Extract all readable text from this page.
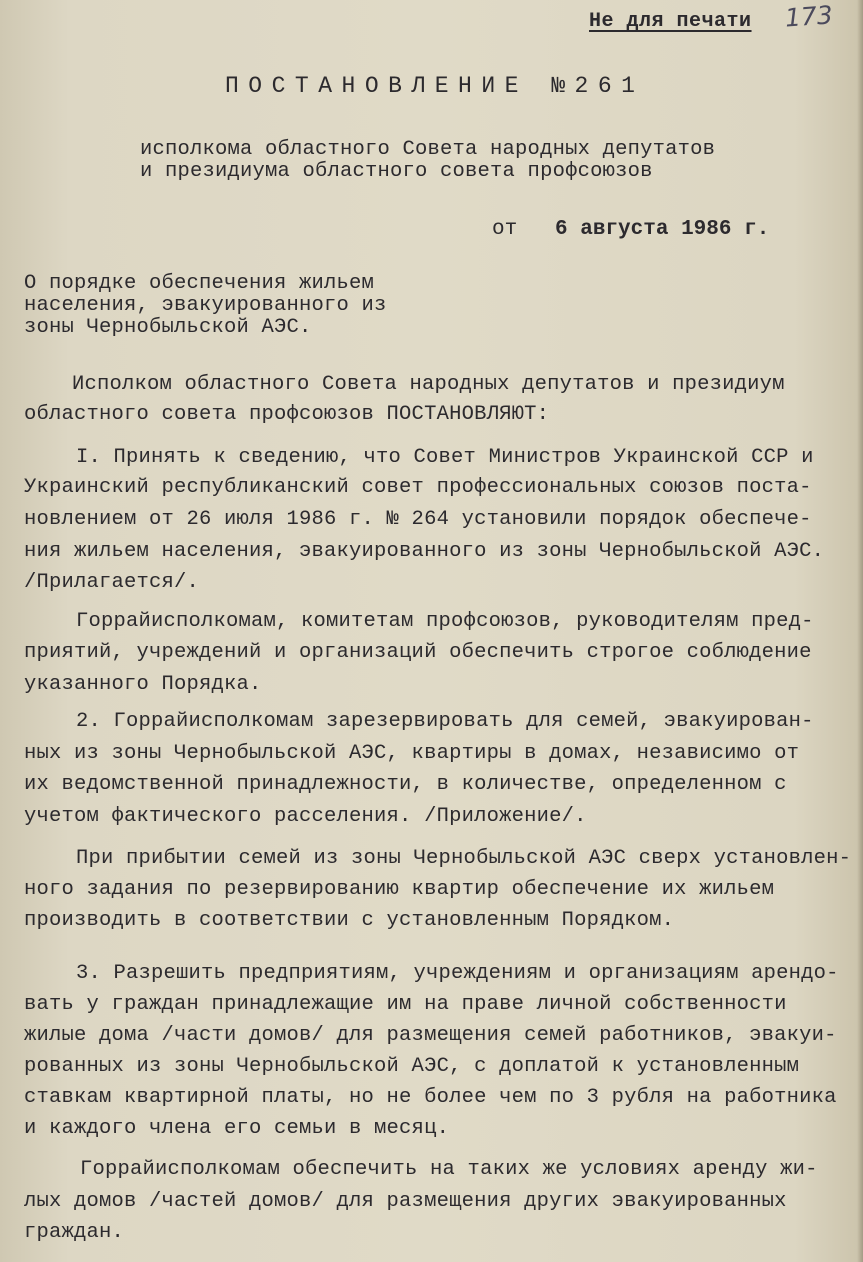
Не для печати 173
ПОСТАНОВЛЕНИЕ №261
исполкома областного Совета народных депутатов
и президиума областного совета профсоюзов
от 6 августа 1986 г.
О порядке обеспечения жильем
населения, эвакуированного из
зоны Чернобыльской АЭС.
Исполком областного Совета народных депутатов и президиум
областного совета профсоюзов ПОСТАНОВЛЯЮТ:
I. Принять к сведению, что Совет Министров Украинской ССР и
Украинский республиканский совет профессиональных союзов поста-
новлением от 26 июля 1986 г. № 264 установили порядок обеспече-
ния жильем населения, эвакуированного из зоны Чернобыльской АЭС.
/Прилагается/.
Горрайисполкомам, комитетам профсоюзов, руководителям пред-
приятий, учреждений и организаций обеспечить строгое соблюдение
указанного Порядка.
2. Горрайисполкомам зарезервировать для семей, эвакуирован-
ных из зоны Чернобыльской АЭС, квартиры в домах, независимо от
их ведомственной принадлежности, в количестве, определенном с
учетом фактического расселения. /Приложение/.
При прибытии семей из зоны Чернобыльской АЭС сверх установлен-
ного задания по резервированию квартир обеспечение их жильем
производить в соответствии с установленным Порядком.
3. Разрешить предприятиям, учреждениям и организациям арендо-
вать у граждан принадлежащие им на праве личной собственности
жилые дома /части домов/ для размещения семей работников, эвакуи-
рованных из зоны Чернобыльской АЭС, с доплатой к установленным
ставкам квартирной платы, но не более чем по 3 рубля на работника
и каждого члена его семьи в месяц.
Горрайисполкомам обеспечить на таких же условиях аренду жи-
лых домов /частей домов/ для размещения других эвакуированных
граждан.
